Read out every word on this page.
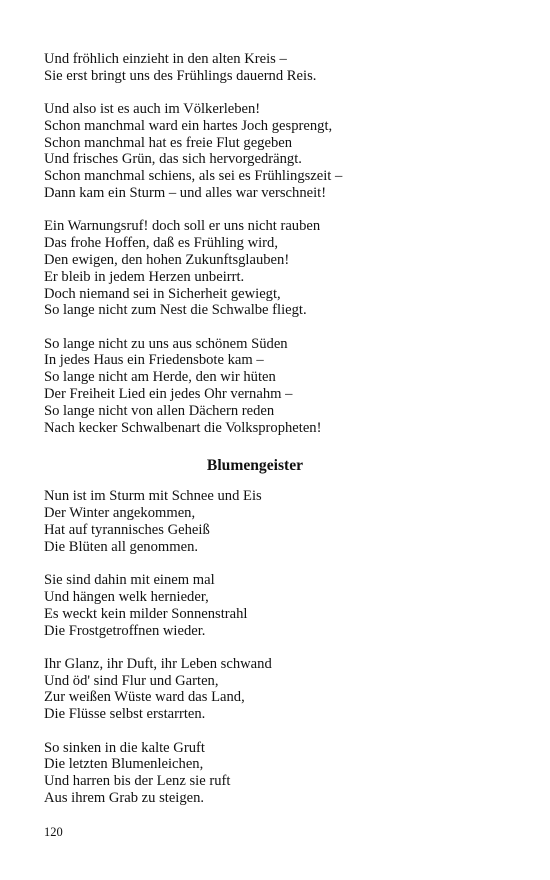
Und fröhlich einzieht in den alten Kreis –
Sie erst bringt uns des Frühlings dauernd Reis.
Und also ist es auch im Völkerleben!
Schon manchmal ward ein hartes Joch gesprengt,
Schon manchmal hat es freie Flut gegeben
Und frisches Grün, das sich hervorgedrängt.
Schon manchmal schiens, als sei es Frühlingszeit –
Dann kam ein Sturm – und alles war verschneit!
Ein Warnungsruf! doch soll er uns nicht rauben
Das frohe Hoffen, daß es Frühling wird,
Den ewigen, den hohen Zukunftsglauben!
Er bleib in jedem Herzen unbeirrt.
Doch niemand sei in Sicherheit gewiegt,
So lange nicht zum Nest die Schwalbe fliegt.
So lange nicht zu uns aus schönem Süden
In jedes Haus ein Friedensbote kam –
So lange nicht am Herde, den wir hüten
Der Freiheit Lied ein jedes Ohr vernahm –
So lange nicht von allen Dächern reden
Nach kecker Schwalbenart die Volkspropheten!
Blumengeister
Nun ist im Sturm mit Schnee und Eis
Der Winter angekommen,
Hat auf tyrannisches Geheiß
Die Blüten all genommen.
Sie sind dahin mit einem mal
Und hängen welk hernieder,
Es weckt kein milder Sonnenstrahl
Die Frostgetroffnen wieder.
Ihr Glanz, ihr Duft, ihr Leben schwand
Und öd' sind Flur und Garten,
Zur weißen Wüste ward das Land,
Die Flüsse selbst erstarrten.
So sinken in die kalte Gruft
Die letzten Blumenleichen,
Und harren bis der Lenz sie ruft
Aus ihrem Grab zu steigen.
120
